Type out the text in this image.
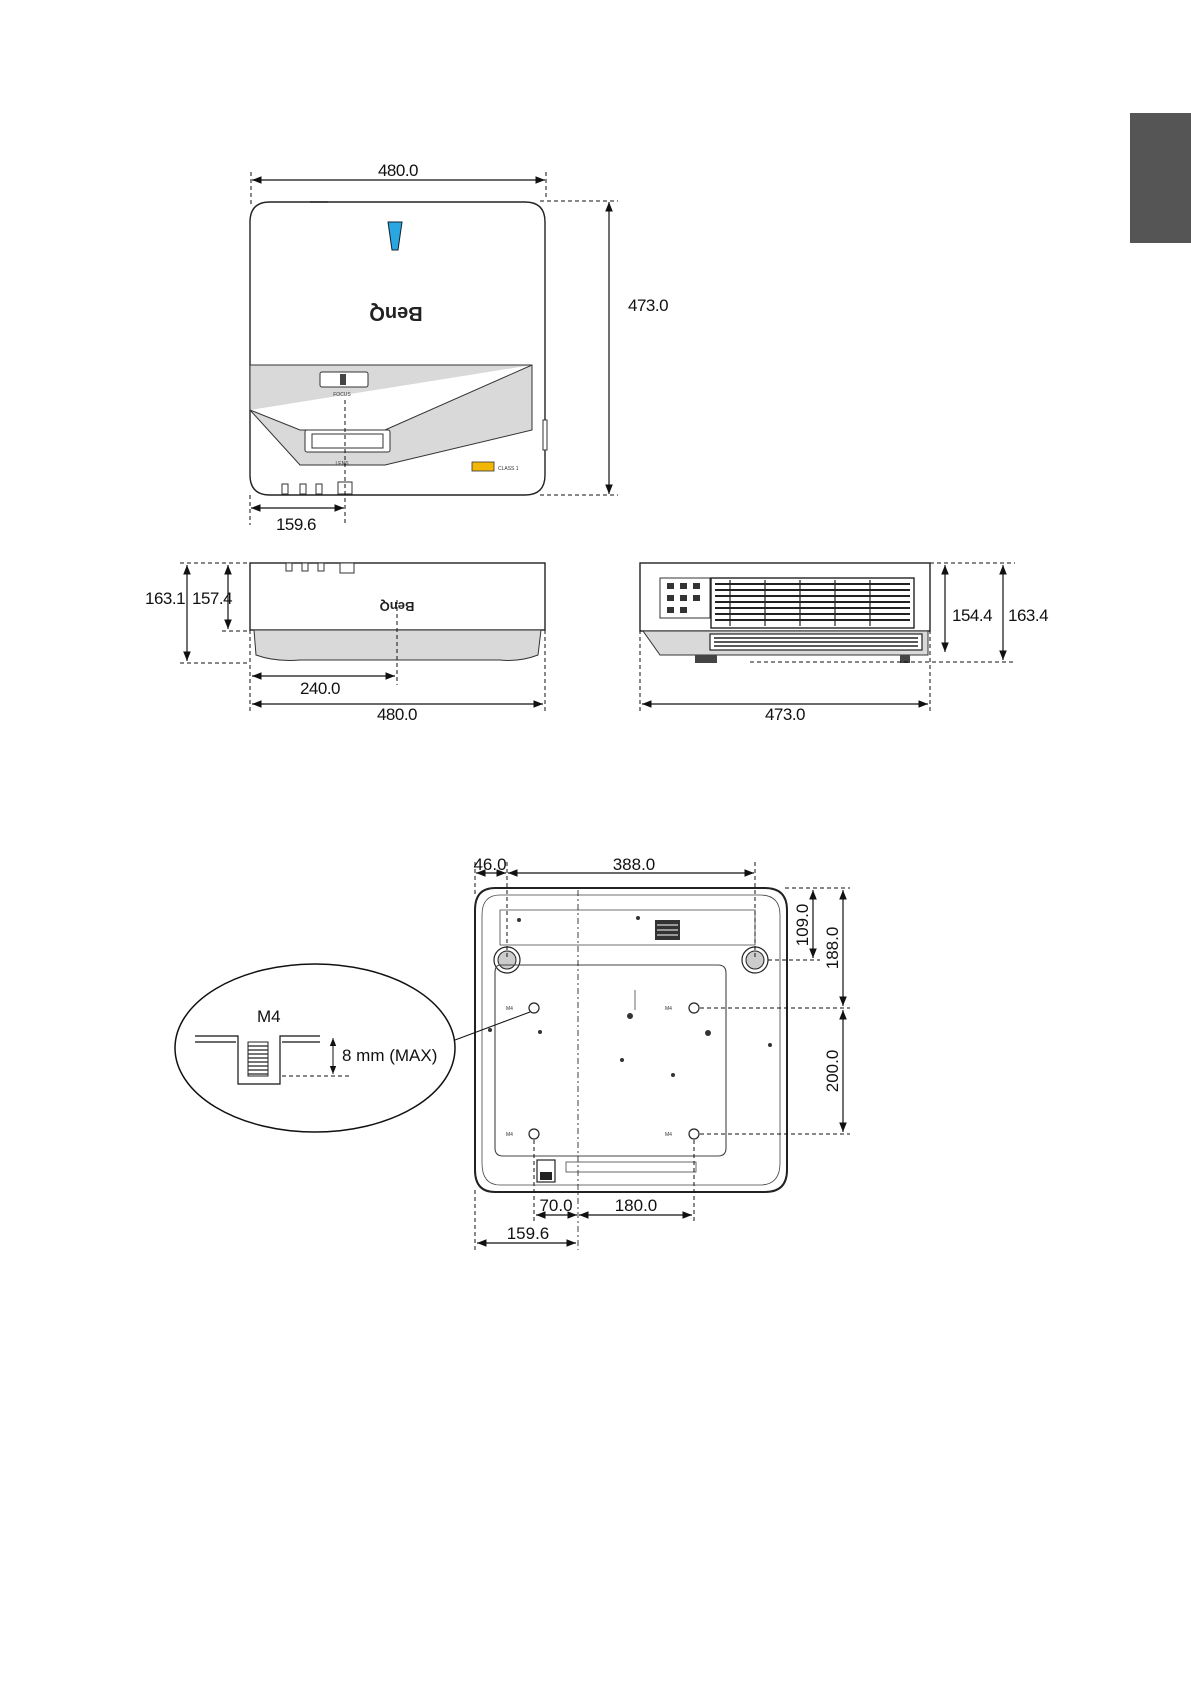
480.0
473.0
BenQ
FOCUS
LENS
CLASS 1
159.6
BenQ
163.1 157.4
240.0
480.0
154.4 163.4
473.0
M4	M4
M4	M4
46.0	388.0
109.0
188.0
200.0
70.0 180.0
159.6
M4
8 mm (MAX)
